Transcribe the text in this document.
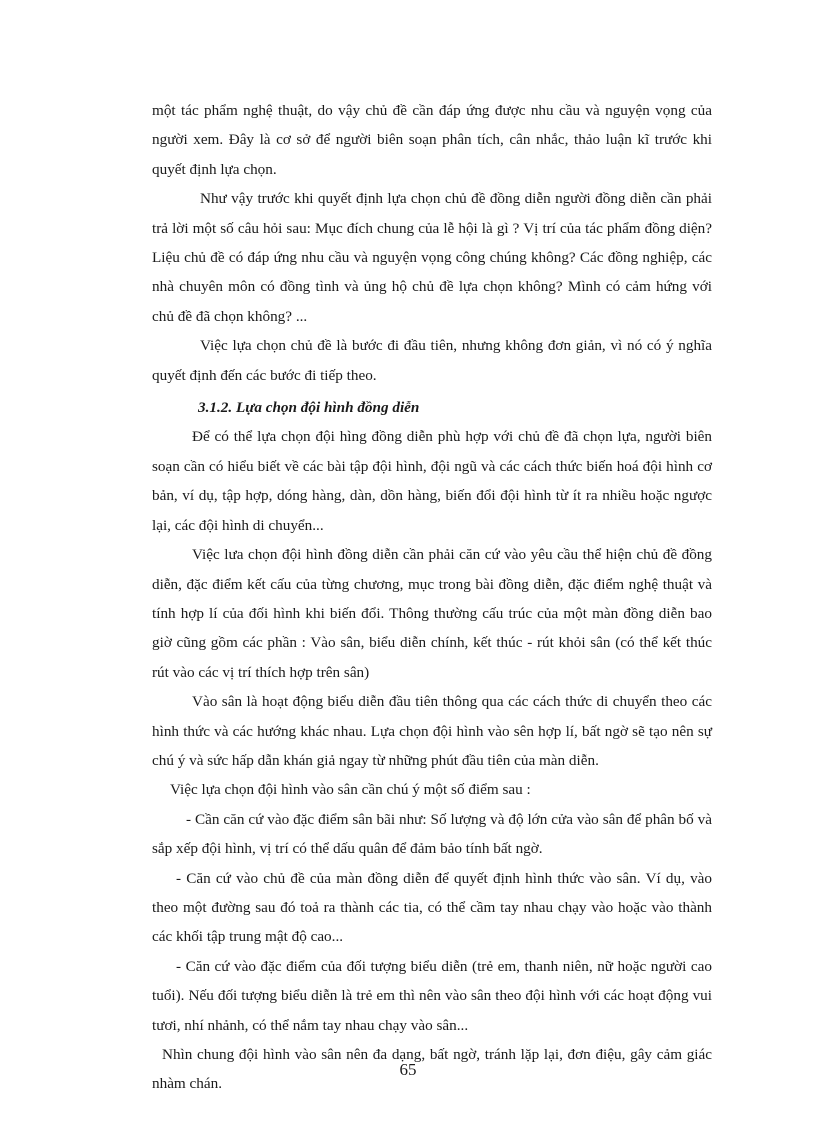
một tác phẩm nghệ thuật, do vậy chủ đề cần đáp ứng được nhu cầu và nguyện vọng của người xem. Đây là cơ sở để người biên soạn phân tích, cân nhắc, thảo luận kĩ trước khi quyết định lựa chọn.

Như vậy trước khi quyết định lựa chọn chủ đề đồng diễn người đồng diễn cần phải trả lời một số câu hỏi sau: Mục đích chung của lễ hội là gì ? Vị trí của tác phẩm đồng diện? Liệu chủ đề có đáp ứng nhu cầu và nguyện vọng công chúng không? Các đồng nghiệp, các nhà chuyên môn có đồng tình và ủng hộ chủ đề lựa chọn không? Mình có cảm hứng với chủ đề đã chọn không? ...

Việc lựa chọn chủ đề là bước đi đầu tiên, nhưng không đơn giản, vì nó có ý nghĩa quyết định đến các bước đi tiếp theo.

3.1.2. Lựa chọn đội hình đồng diễn

Để có thể lựa chọn đội hìng đồng diễn phù hợp với chủ đề đã chọn lựa, người biên soạn cần có hiểu biết về các bài tập đội hình, đội ngũ và các cách thức biến hoá đội hình cơ bản, ví dụ, tập hợp, dóng hàng, dàn, dồn hàng, biến đổi đội hình từ ít ra nhiều hoặc ngược lại, các đội hình di chuyển...

Việc lưa chọn đội hình đồng diễn cần phải căn cứ vào yêu cầu thể hiện chủ đề đồng diễn, đặc điểm kết cấu của từng chương, mục trong bài đồng diễn, đặc điểm nghệ thuật và tính hợp lí của đối hình khi biến đổi. Thông thường cấu trúc của một màn đồng diễn bao giờ cũng gồm các phần : Vào sân, biểu diễn chính, kết thúc - rút khỏi sân (có thể kết thúc rút vào các vị trí thích hợp trên sân)

Vào sân là hoạt động biểu diễn đầu tiên thông qua các cách thức di chuyển theo các hình thức và các hướng khác nhau. Lựa chọn đội hình vào sên hợp lí, bất ngờ sẽ tạo nên sự chú ý và sức hấp dẫn khán giả ngay từ những phút đầu tiên của màn diễn.

Việc lựa chọn đội hình vào sân cần chú ý một số điểm sau :

- Cần căn cứ vào đặc điểm sân bãi như: Số lượng và độ lớn cửa vào sân để phân bố và sắp xếp đội hình, vị trí có thể dấu quân để đảm bảo tính bất ngờ.

- Căn cứ vào chủ đề của màn đồng diễn để quyết định hình thức vào sân. Ví dụ, vào theo một đường sau đó toả ra thành các tia, có thể cầm tay nhau chạy vào hoặc vào thành các khối tập trung mật độ cao...

- Căn cứ vào đặc điểm của đối tượng biểu diễn (trẻ em, thanh niên, nữ hoặc người cao tuổi). Nếu đối tượng biểu diễn là trẻ em thì nên vào sân theo đội hình với các hoạt động vui tươi, nhí nhảnh, có thể nắm tay nhau chạy vào sân...

Nhìn chung đội hình vào sân nên đa dạng, bất ngờ, tránh lặp lại, đơn điệu, gây cảm giác nhàm chán.

65
